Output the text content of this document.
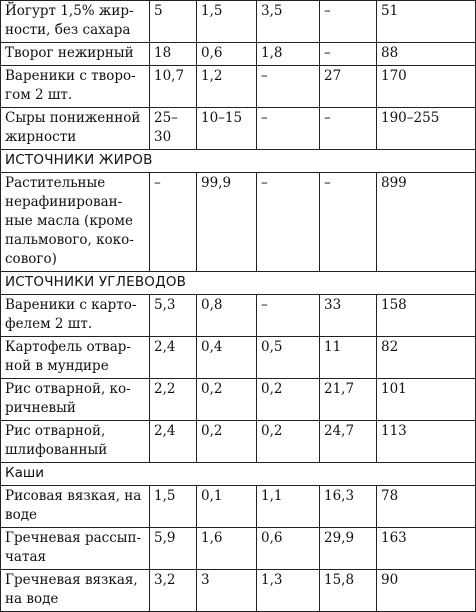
Йогурт 1,5% жир-
ности, без сахара	5	1,5	3,5	–	51
Творог нежирный	18	0,6	1,8	–	88
Вареники с творо-
гом 2 шт.	10,7	1,2	–	27	170
Сыры пониженной
жирности	25–
30	10–15	–	–	190–255
ИСТОЧНИКИ ЖИРОВ					
Растительные
нерафинирован-
ные масла (кроме
пальмового, коко-
сового)	–	99,9	–	–	899
ИСТОЧНИКИ УГЛЕВОДОВ					
Вареники с карто-
фелем 2 шт.	5,3	0,8	–	33	158
Картофель отвар-
ной в мундире	2,4	0,4	0,5	11	82
Рис отварной, ко-
ричневый	2,2	0,2	0,2	21,7	101
Рис отварной,
шлифованный	2,4	0,2	0,2	24,7	113
Каши					
Рисовая вязкая, на
воде	1,5	0,1	1,1	16,3	78
Гречневая рассып-
чатая	5,9	1,6	0,6	29,9	163
Гречневая вязкая,
на воде	3,2	3	1,3	15,8	90
